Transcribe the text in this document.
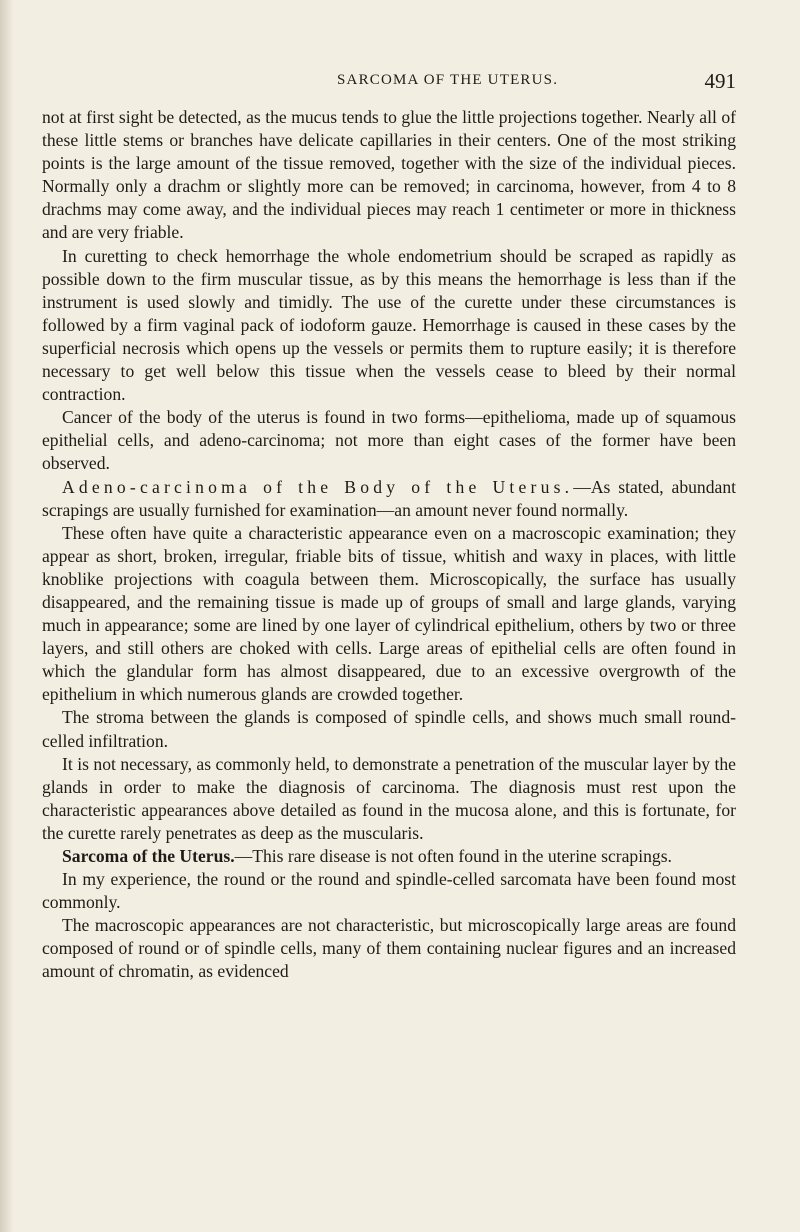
SARCOMA OF THE UTERUS.	491

not at first sight be detected, as the mucus tends to glue the little projections together. Nearly all of these little stems or branches have delicate capillaries in their centers. One of the most striking points is the large amount of the tissue removed, together with the size of the individual pieces. Normally only a drachm or slightly more can be removed; in carcinoma, however, from 4 to 8 drachms may come away, and the individual pieces may reach 1 centimeter or more in thickness and are very friable.

In curetting to check hemorrhage the whole endometrium should be scraped as rapidly as possible down to the firm muscular tissue, as by this means the hemorrhage is less than if the instrument is used slowly and timidly. The use of the curette under these circumstances is followed by a firm vaginal pack of iodoform gauze. Hemorrhage is caused in these cases by the superficial necrosis which opens up the vessels or permits them to rupture easily; it is therefore necessary to get well below this tissue when the vessels cease to bleed by their normal contraction.

Cancer of the body of the uterus is found in two forms—epithelioma, made up of squamous epithelial cells, and adeno-carcinoma; not more than eight cases of the former have been observed.

Adeno-carcinoma of the Body of the Uterus.—As stated, abundant scrapings are usually furnished for examination—an amount never found normally.

These often have quite a characteristic appearance even on a macroscopic examination; they appear as short, broken, irregular, friable bits of tissue, whitish and waxy in places, with little knoblike projections with coagula between them. Microscopically, the surface has usually disappeared, and the remaining tissue is made up of groups of small and large glands, varying much in appearance; some are lined by one layer of cylindrical epithelium, others by two or three layers, and still others are choked with cells. Large areas of epithelial cells are often found in which the glandular form has almost disappeared, due to an excessive overgrowth of the epithelium in which numerous glands are crowded together.

The stroma between the glands is composed of spindle cells, and shows much small round-celled infiltration.

It is not necessary, as commonly held, to demonstrate a penetration of the muscular layer by the glands in order to make the diagnosis of carcinoma. The diagnosis must rest upon the characteristic appearances above detailed as found in the mucosa alone, and this is fortunate, for the curette rarely penetrates as deep as the muscularis.

Sarcoma of the Uterus.—This rare disease is not often found in the uterine scrapings.

In my experience, the round or the round and spindle-celled sarcomata have been found most commonly.

The macroscopic appearances are not characteristic, but microscopically large areas are found composed of round or of spindle cells, many of them containing nuclear figures and an increased amount of chromatin, as evidenced
